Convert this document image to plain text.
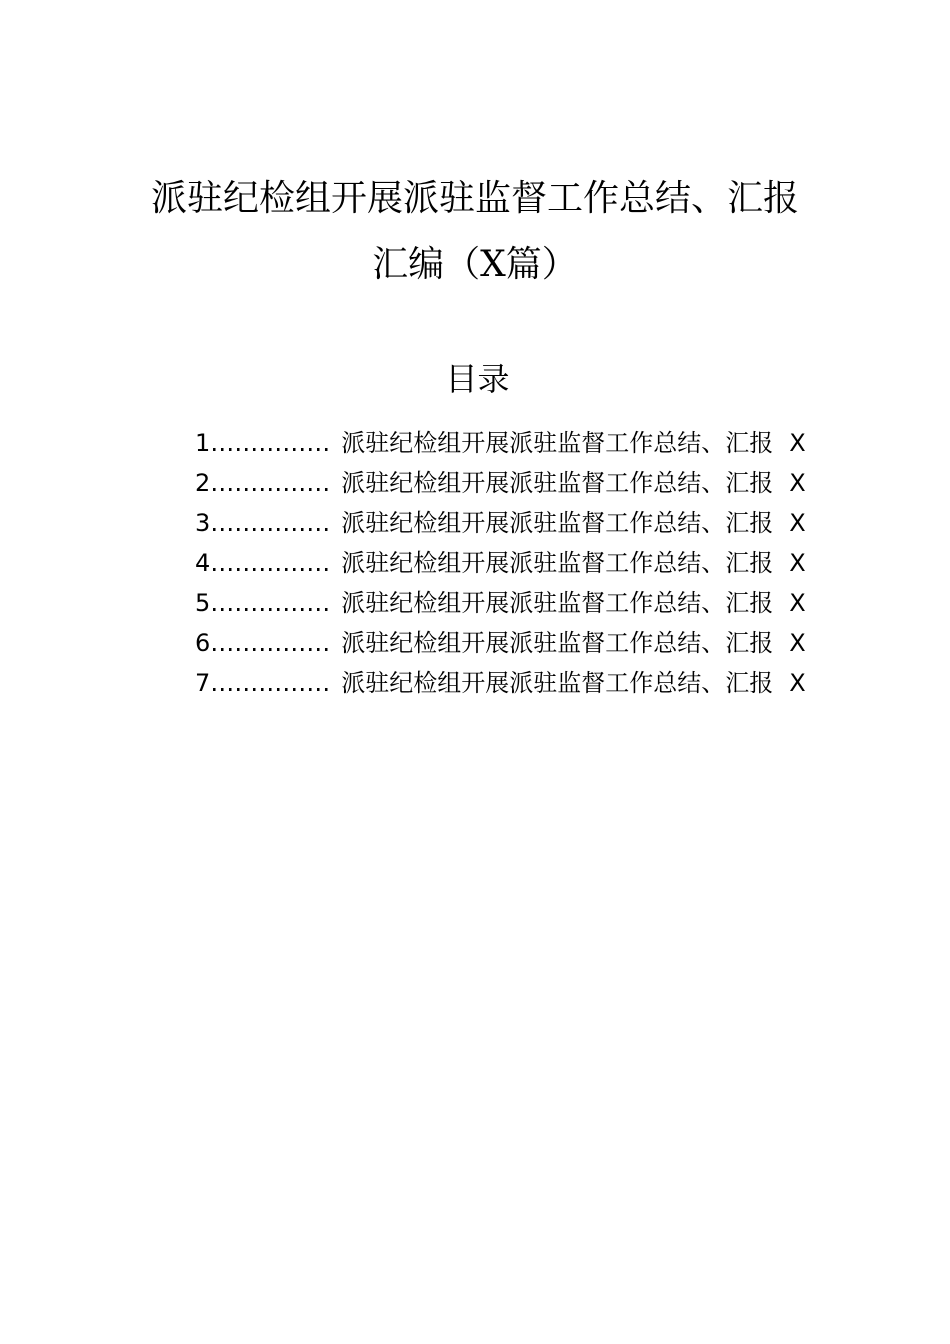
派驻纪检组开展派驻监督工作总结、汇报
汇编（X篇）
目录
1 …………… 派驻纪检组开展派驻监督工作总结、汇报 X
2 …………… 派驻纪检组开展派驻监督工作总结、汇报 X
3 …………… 派驻纪检组开展派驻监督工作总结、汇报 X
4 …………… 派驻纪检组开展派驻监督工作总结、汇报 X
5 …………… 派驻纪检组开展派驻监督工作总结、汇报 X
6 …………… 派驻纪检组开展派驻监督工作总结、汇报 X
7 …………… 派驻纪检组开展派驻监督工作总结、汇报 X
